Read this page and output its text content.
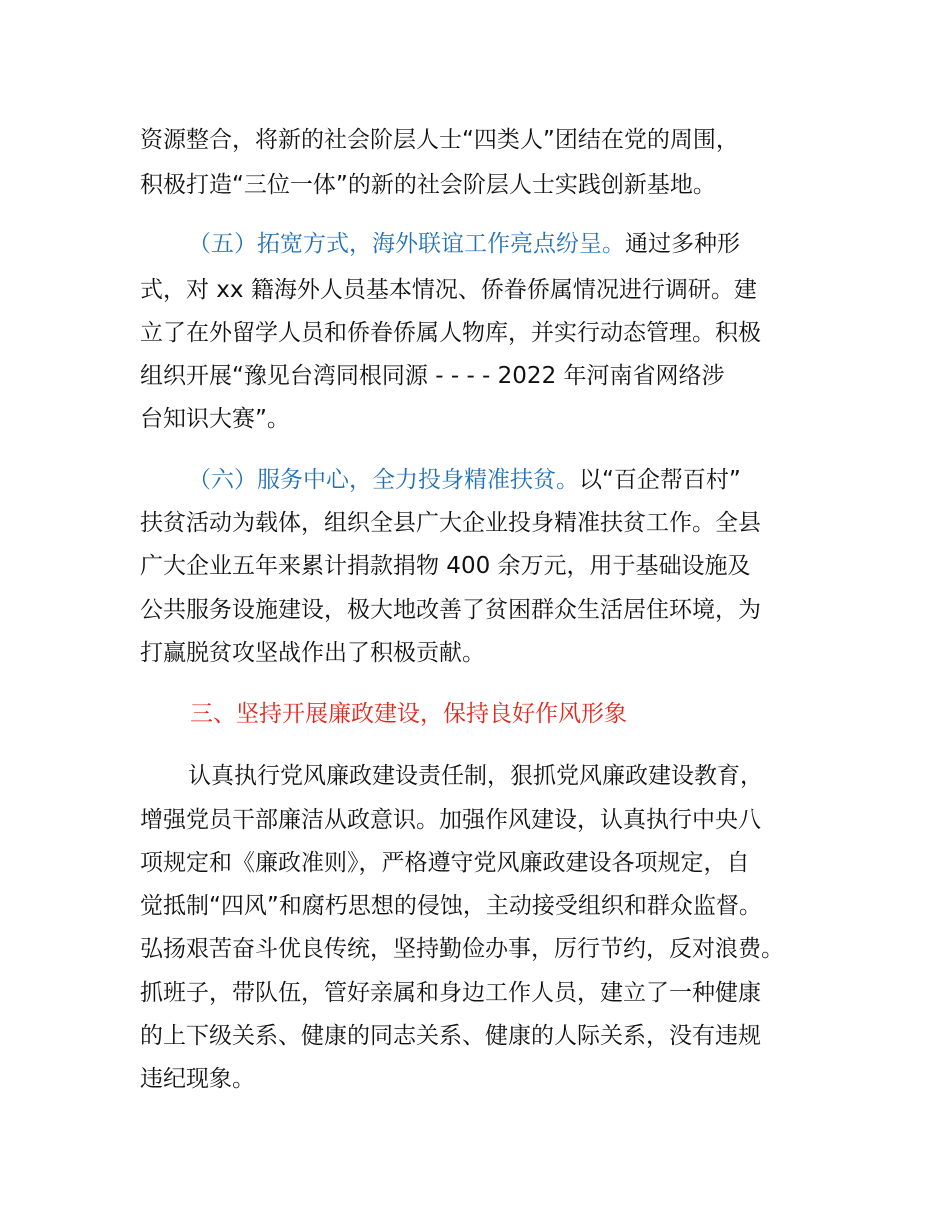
资源整合，将新的社会阶层人士“四类人”团结在党的周围，
积极打造“三位一体”的新的社会阶层人士实践创新基地。
（五）拓宽方式，海外联谊工作亮点纷呈。通过多种形
式，对 xx 籍海外人员基本情况、侨眷侨属情况进行调研。建
立了在外留学人员和侨眷侨属人物库，并实行动态管理。积极
组织开展“豫见台湾同根同源 - - - - 2022 年河南省网络涉
台知识大赛”。
（六）服务中心，全力投身精准扶贫。以“百企帮百村”
扶贫活动为载体，组织全县广大企业投身精准扶贫工作。全县
广大企业五年来累计捐款捐物 400 余万元，用于基础设施及
公共服务设施建设，极大地改善了贫困群众生活居住环境，为
打赢脱贫攻坚战作出了积极贡献。
三、坚持开展廉政建设，保持良好作风形象
认真执行党风廉政建设责任制，狠抓党风廉政建设教育，
增强党员干部廉洁从政意识。加强作风建设，认真执行中央八
项规定和《廉政准则》，严格遵守党风廉政建设各项规定，自
觉抵制“四风”和腐朽思想的侵蚀，主动接受组织和群众监督。
弘扬艰苦奋斗优良传统，坚持勤俭办事，厉行节约，反对浪费。
抓班子，带队伍，管好亲属和身边工作人员，建立了一种健康
的上下级关系、健康的同志关系、健康的人际关系，没有违规
违纪现象。
